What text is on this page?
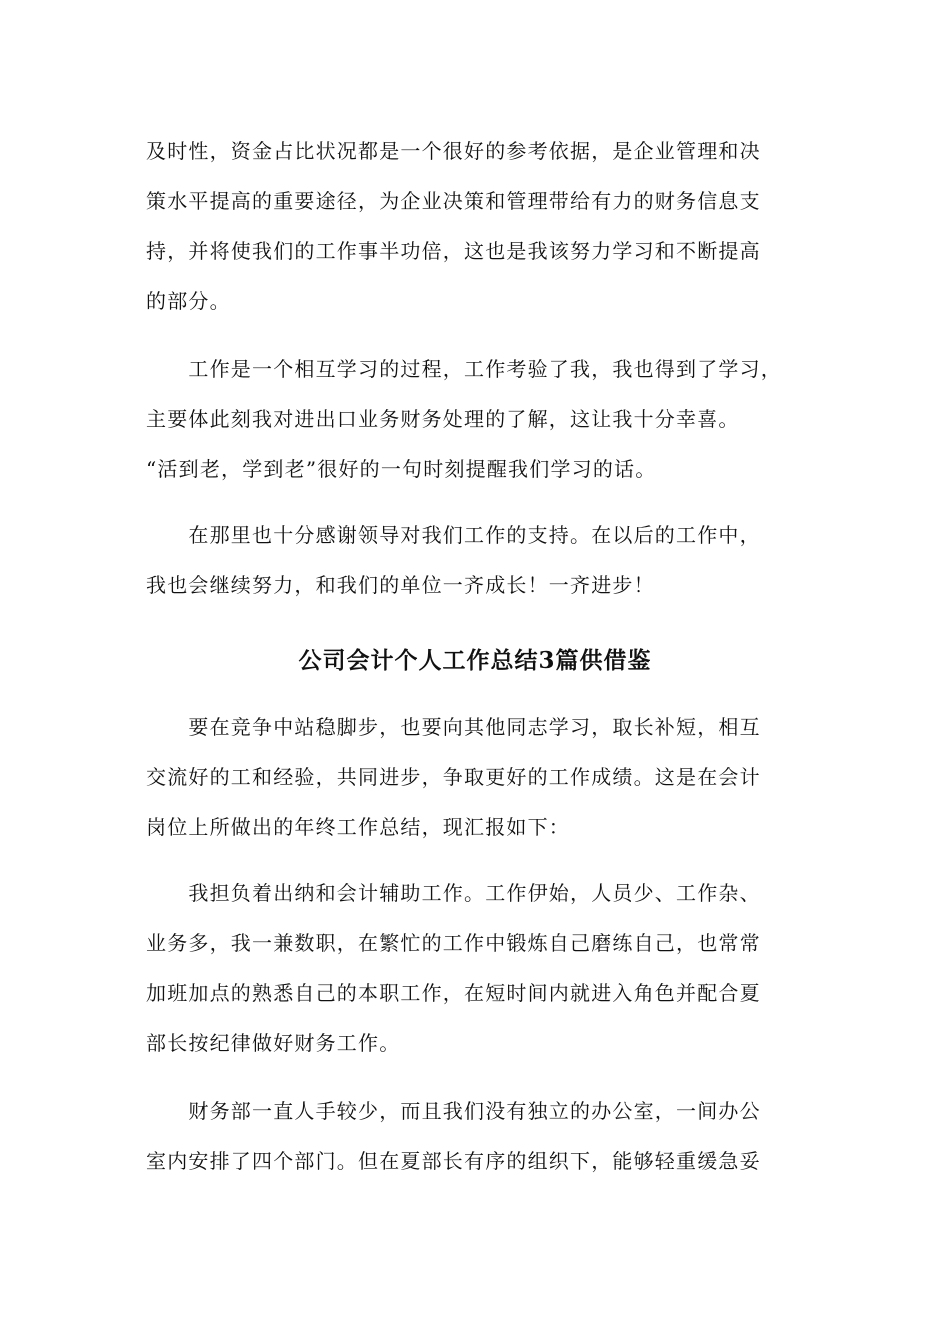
及时性，资金占比状况都是一个很好的参考依据，是企业管理和决
策水平提高的重要途径，为企业决策和管理带给有力的财务信息支
持，并将使我们的工作事半功倍，这也是我该努力学习和不断提高
的部分。
　　工作是一个相互学习的过程，工作考验了我，我也得到了学习，
主要体此刻我对进出口业务财务处理的了解，这让我十分幸喜。
“活到老，学到老”很好的一句时刻提醒我们学习的话。
　　在那里也十分感谢领导对我们工作的支持。在以后的工作中，
我也会继续努力，和我们的单位一齐成长！一齐进步！
公司会计个人工作总结3篇供借鉴
　　要在竞争中站稳脚步，也要向其他同志学习，取长补短，相互
交流好的工和经验，共同进步，争取更好的工作成绩。这是在会计
岗位上所做出的年终工作总结，现汇报如下：
　　我担负着出纳和会计辅助工作。工作伊始，人员少、工作杂、
业务多，我一兼数职，在繁忙的工作中锻炼自己磨练自己，也常常
加班加点的熟悉自己的本职工作，在短时间内就进入角色并配合夏
部长按纪律做好财务工作。
　　财务部一直人手较少，而且我们没有独立的办公室，一间办公
室内安排了四个部门。但在夏部长有序的组织下，能够轻重缓急妥
